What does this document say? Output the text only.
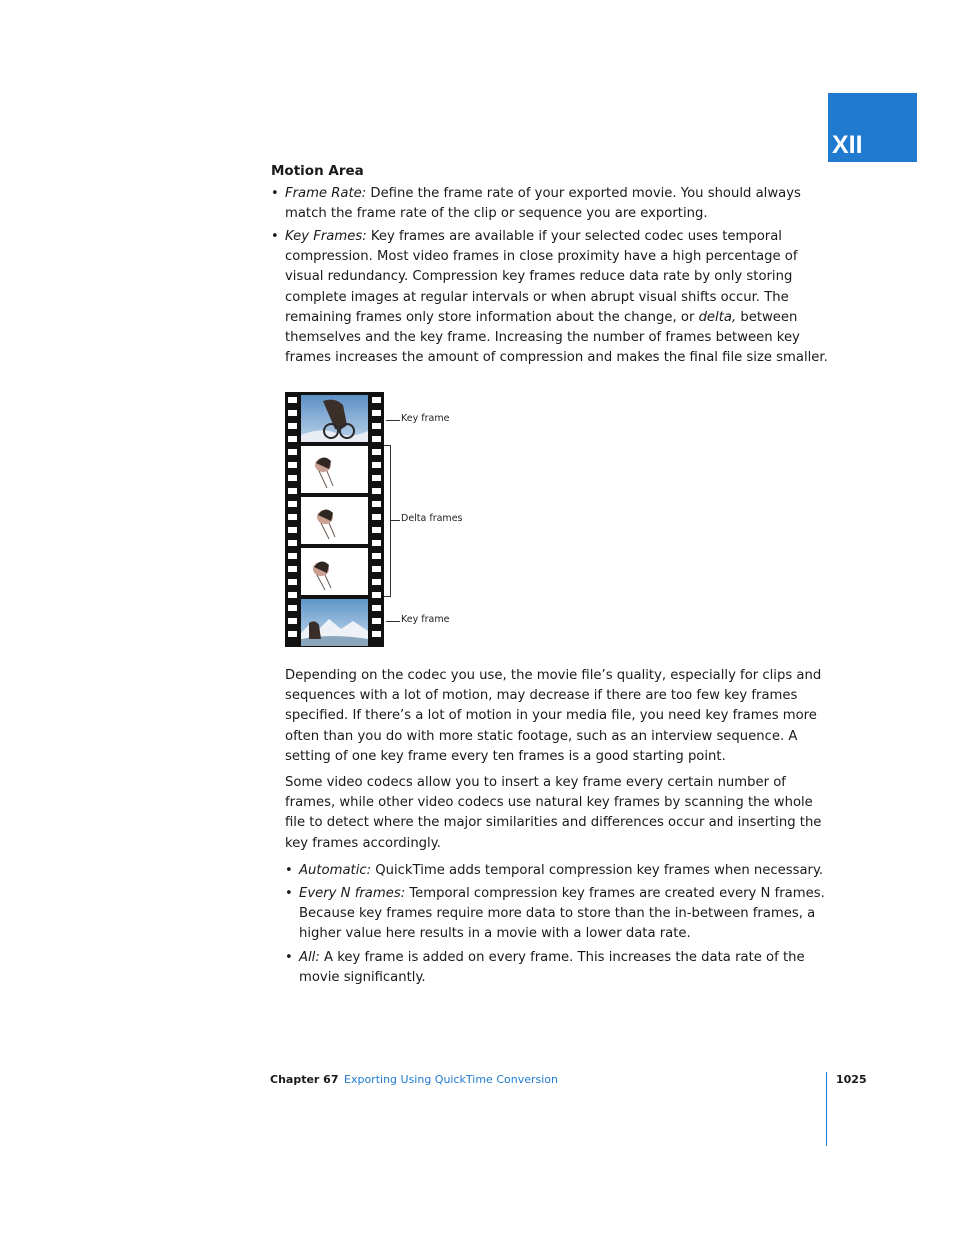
XII
Motion Area
• Frame Rate: Define the frame rate of your exported movie. You should always match the frame rate of the clip or sequence you are exporting.
• Key Frames: Key frames are available if your selected codec uses temporal compression. Most video frames in close proximity have a high percentage of visual redundancy. Compression key frames reduce data rate by only storing complete images at regular intervals or when abrupt visual shifts occur. The remaining frames only store information about the change, or delta, between themselves and the key frame. Increasing the number of frames between key frames increases the amount of compression and makes the final file size smaller.
Key frame
Delta frames
Key frame
Depending on the codec you use, the movie file’s quality, especially for clips and sequences with a lot of motion, may decrease if there are too few key frames specified. If there’s a lot of motion in your media file, you need key frames more often than you do with more static footage, such as an interview sequence. A setting of one key frame every ten frames is a good starting point.
Some video codecs allow you to insert a key frame every certain number of frames, while other video codecs use natural key frames by scanning the whole file to detect where the major similarities and differences occur and inserting the key frames accordingly.
• Automatic: QuickTime adds temporal compression key frames when necessary.
• Every N frames: Temporal compression key frames are created every N frames. Because key frames require more data to store than the in-between frames, a higher value here results in a movie with a lower data rate.
• All: A key frame is added on every frame. This increases the data rate of the movie significantly.
Chapter 67 Exporting Using QuickTime Conversion	1025
